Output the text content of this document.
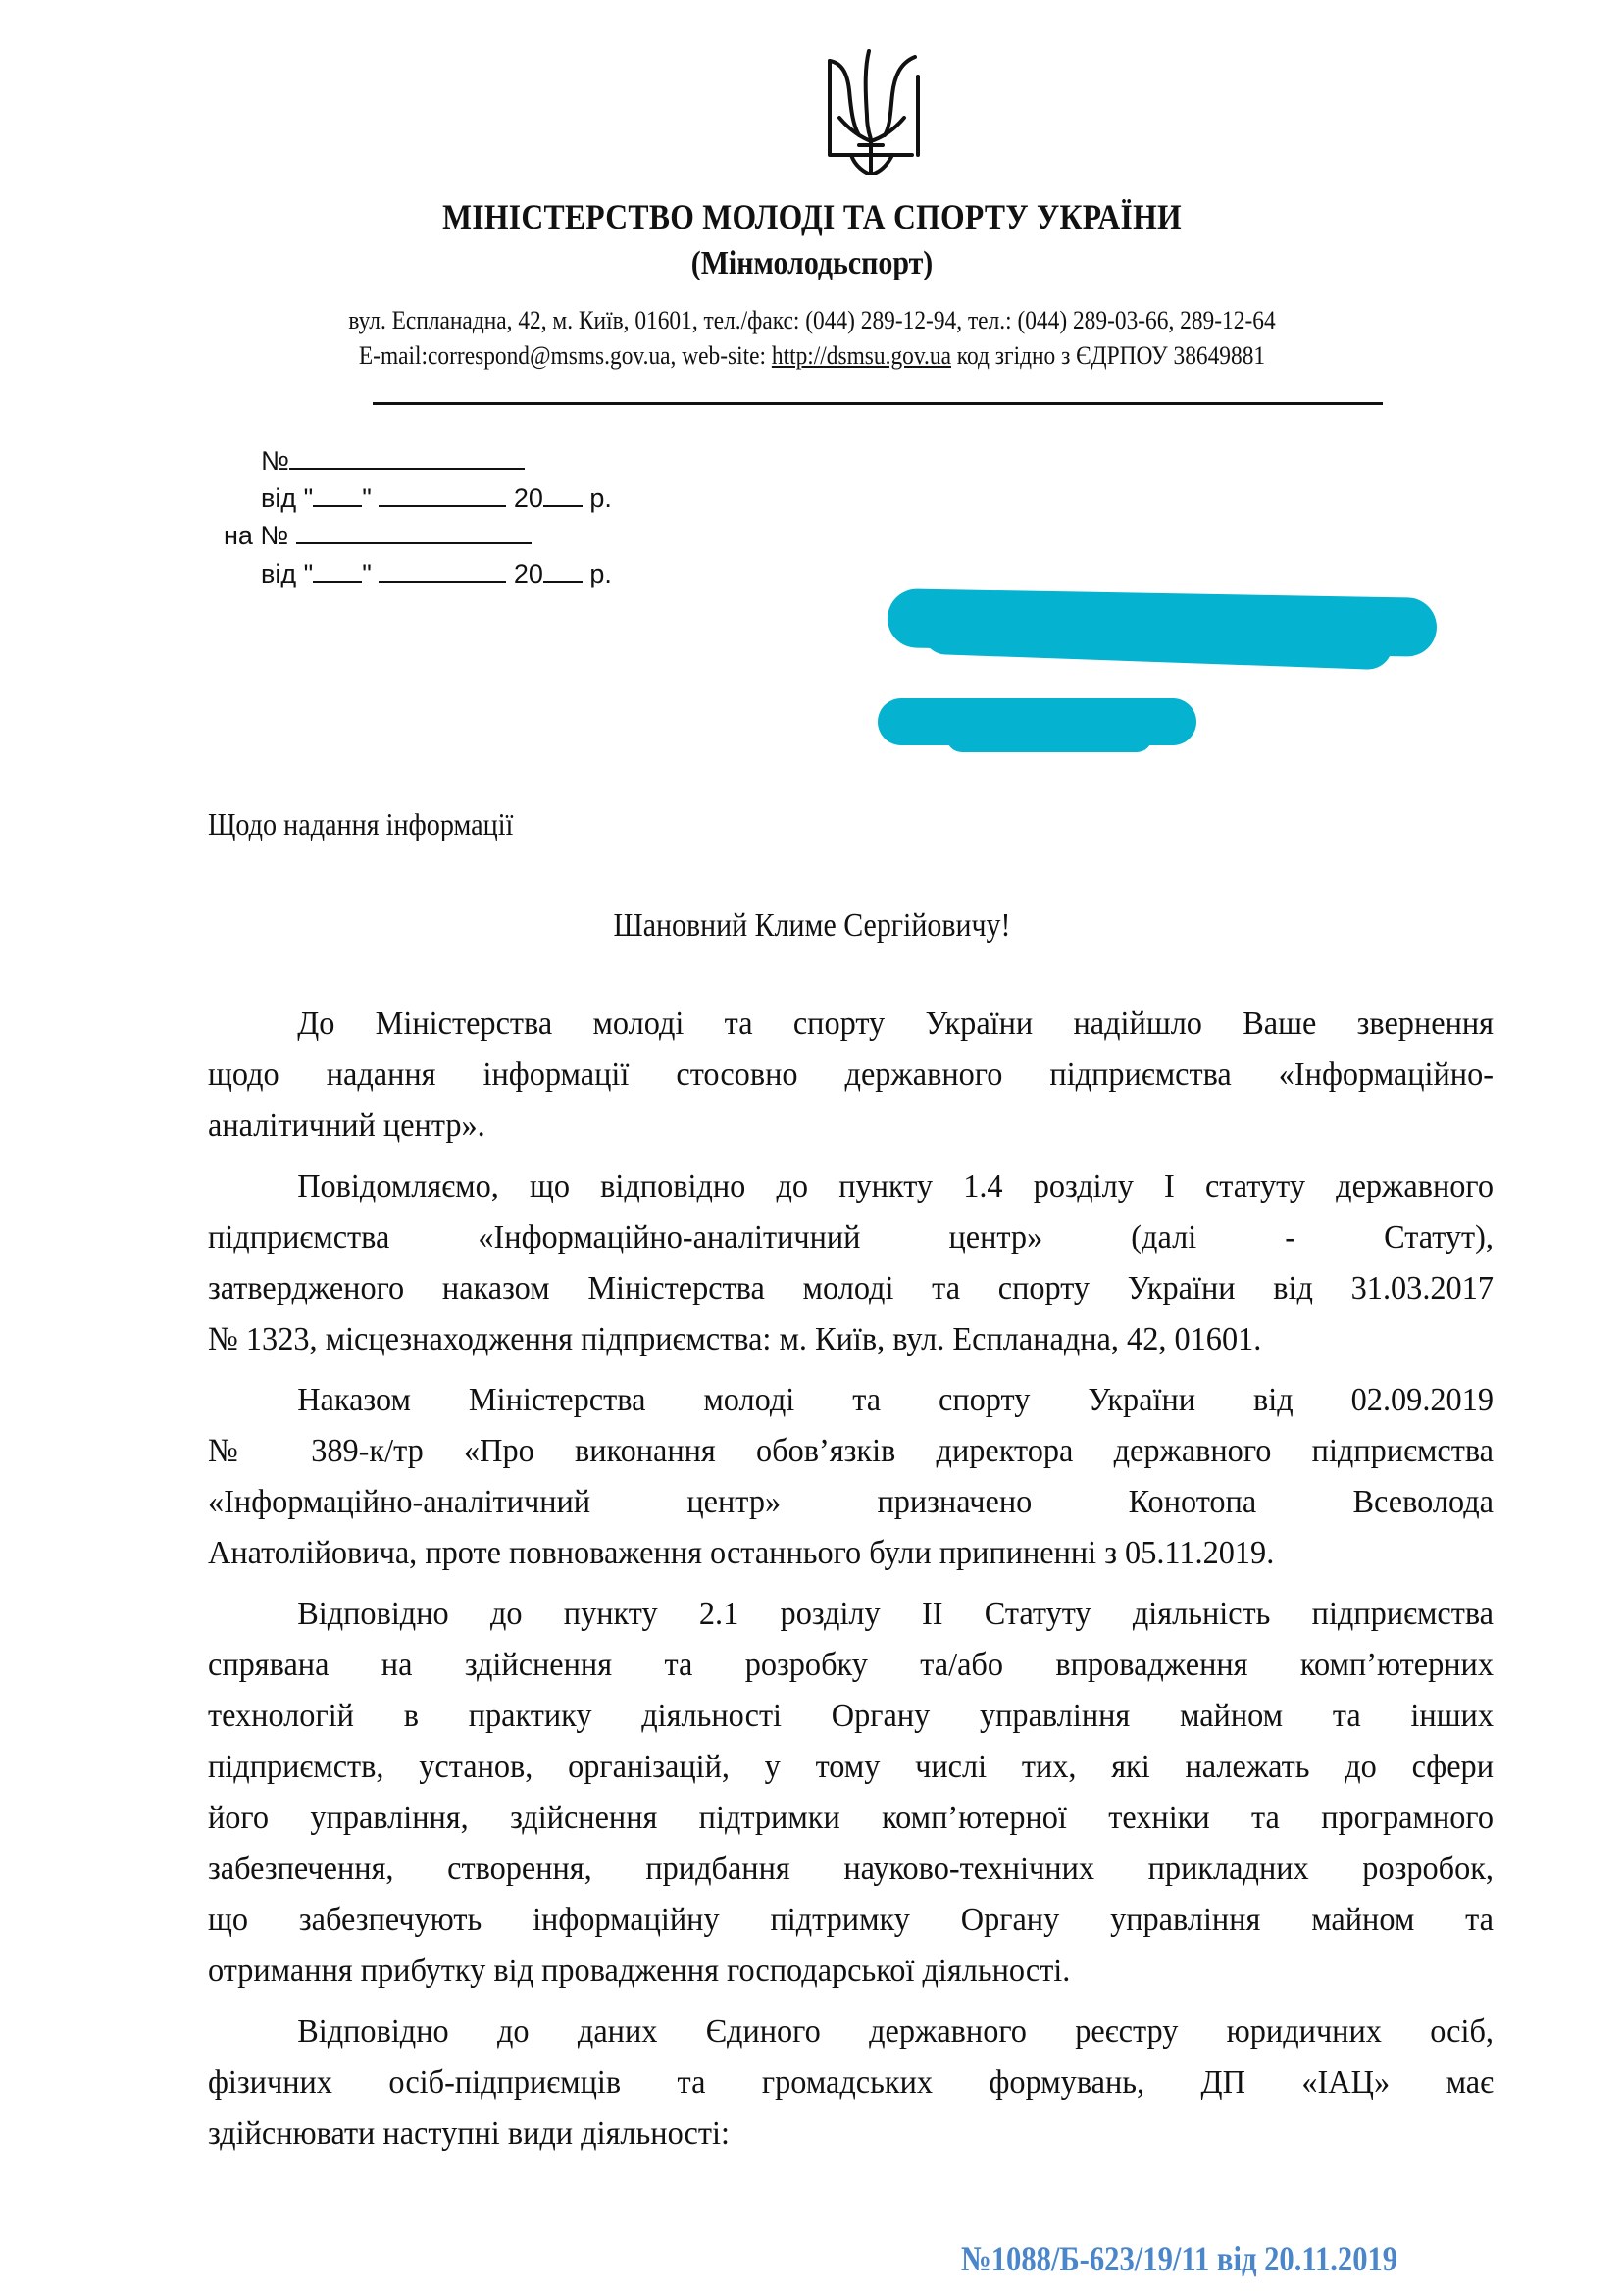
МІНІСТЕРСТВО МОЛОДІ ТА СПОРТУ УКРАЇНИ
(Мінмолодьспорт)
вул. Еспланадна, 42, м. Київ, 01601, тел./факс: (044) 289-12-94, тел.: (044) 289-03-66, 289-12-64
E-mail:correspond@msms.gov.ua, web-site: http://dsmsu.gov.ua код згідно з ЄДРПОУ 38649881
№
від " "	20 р.
на №
від " "	20 р.
Щодо надання інформації
Шановний Климе Сергійовичу!
До Міністерства молоді та спорту України надійшло Ваше звернення
щодо надання інформації стосовно державного підприємства «Інформаційно-
аналітичний центр».
Повідомляємо, що відповідно до пункту 1.4 розділу І статуту державного
підприємства «Інформаційно-аналітичний центр» (далі - Статут),
затвердженого наказом Міністерства молоді та спорту України від 31.03.2017
№ 1323, місцезнаходження підприємства: м. Київ, вул. Еспланадна, 42, 01601.
Наказом Міністерства молоді та спорту України від 02.09.2019
№ 389-к/тр «Про виконання обов’язків директора державного підприємства
«Інформаційно-аналітичний центр» призначено Конотопа Всеволода
Анатолійовича, проте повноваження останнього були припиненні з 05.11.2019.
Відповідно до пункту 2.1 розділу ІІ Статуту діяльність підприємства
спрявана на здійснення та розробку та/або впровадження комп’ютерних
технологій в практику діяльності Органу управління майном та інших
підприємств, установ, організацій, у тому числі тих, які належать до сфери
його управління, здійснення підтримки комп’ютерної техніки та програмного
забезпечення, створення, придбання науково-технічних прикладних розробок,
що забезпечують інформаційну підтримку Органу управління майном та
отримання прибутку від провадження господарської діяльності.
Відповідно до даних Єдиного державного реєстру юридичних осіб,
фізичних осіб-підприємців та громадських формувань, ДП «ІАЦ» має
здійснювати наступні види діяльності:
№1088/Б-623/19/11 від 20.11.2019
